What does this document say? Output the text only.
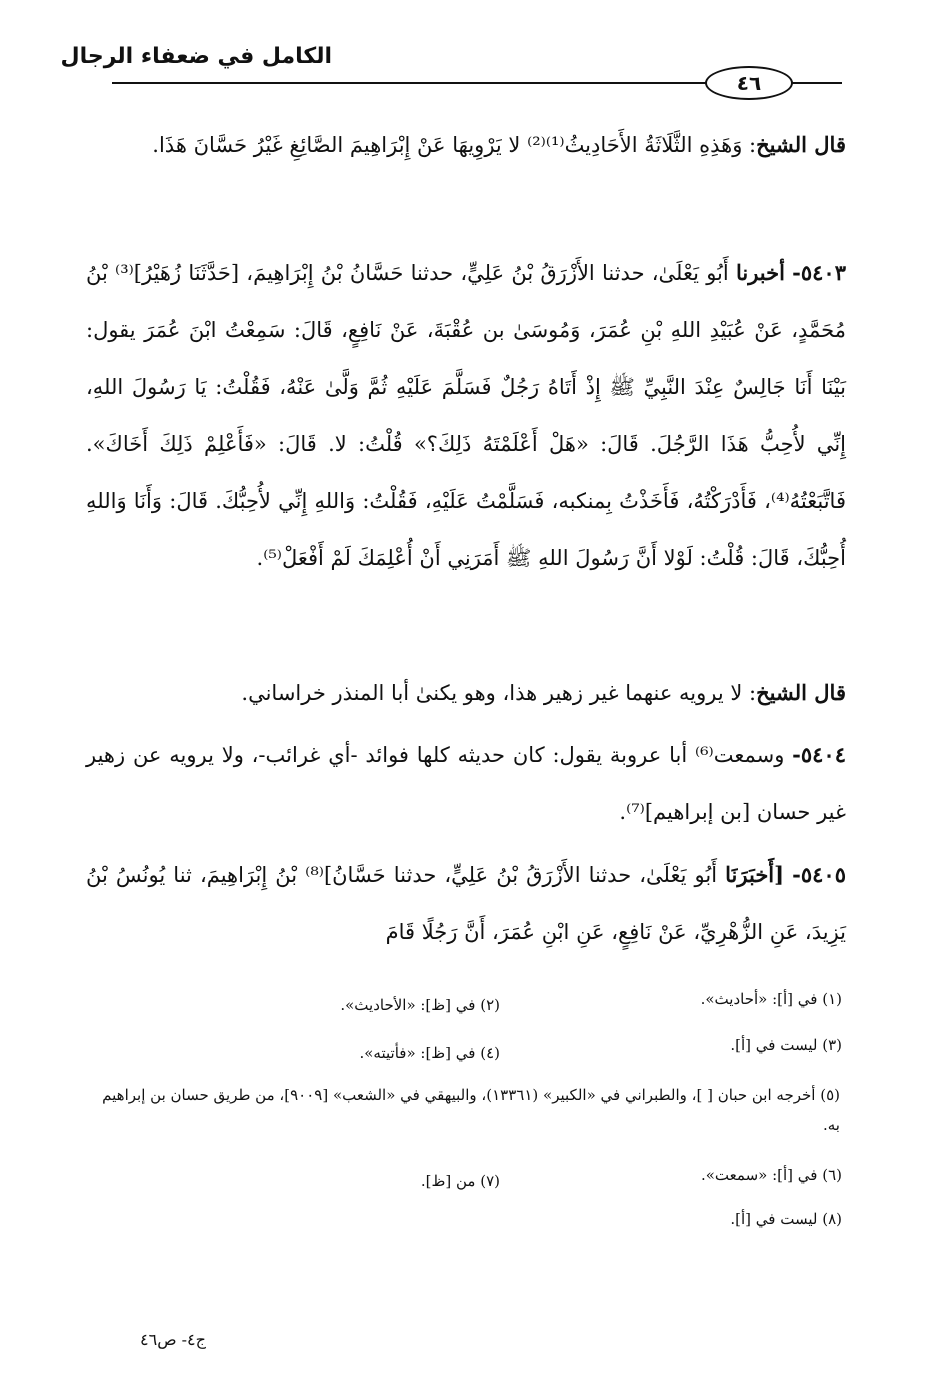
الكامل في ضعفاء الرجال
٤٦

قال الشيخ: وَهَذِهِ الثَّلَاثَةُ الأَحَادِيثُ⁽¹⁾⁽²⁾ لا يَرْوِيهَا عَنْ إِبْرَاهِيمَ الصَّائِغِ غَيْرُ حَسَّانَ هَذَا.

٥٤٠٣- أخبرنا أَبُو يَعْلَىٰ، حدثنا الأَزْرَقُ بْنُ عَلِيٍّ، حدثنا حَسَّانُ بْنُ إِبْرَاهِيمَ، [حَدَّثَنَا زُهَيْرُ]⁽³⁾ بْنُ مُحَمَّدٍ، عَنْ عُبَيْدِ اللهِ بْنِ عُمَرَ، وَمُوسَىٰ بن عُقْبَةَ، عَنْ نَافِعٍ، قَالَ: سَمِعْتُ ابْنَ عُمَرَ يقول: بَيْنَا أَنَا جَالِسٌ عِنْدَ النَّبِيِّ ﷺ إِذْ أَتَاهُ رَجُلٌ فَسَلَّمَ عَلَيْهِ ثُمَّ وَلَّىٰ عَنْهُ، فَقُلْتُ: يَا رَسُولَ اللهِ، إِنِّي لأُحِبُّ هَذَا الرَّجُلَ. قَالَ: «هَلْ أَعْلَمْتَهُ ذَلِكَ؟» قُلْتُ: لا. قَالَ: «فَأَعْلِمْ ذَلِكَ أَخَاكَ». فَاتَّبَعْتُهُ⁽⁴⁾، فَأَدْرَكْتُهُ، فَأَخَذْتُ بِمنكبه، فَسَلَّمْتُ عَلَيْهِ، فَقُلْتُ: وَاللهِ إِنِّي لأُحِبُّكَ. قَالَ: وَأَنَا وَاللهِ أُحِبُّكَ، قَالَ: قُلْتُ: لَوْلا أَنَّ رَسُولَ اللهِ ﷺ أَمَرَنِي أَنْ أُعْلِمَكَ لَمْ أَفْعَلْ⁽⁵⁾.

قال الشيخ: لا يرويه عنهما غير زهير هذا، وهو يكنىٰ أبا المنذر خراساني.

٥٤٠٤- وسمعت⁽⁶⁾ أبا عروبة يقول: كان حديثه كلها فوائد -أي غرائب-، ولا يرويه عن زهير غير حسان [بن إبراهيم]⁽⁷⁾.

٥٤٠٥- [أَخبَرَنَا أَبُو يَعْلَىٰ، حدثنا الأَزْرَقُ بْنُ عَلِيٍّ، حدثنا حَسَّانُ]⁽⁸⁾ بْنُ إِبْرَاهِيمَ، ثنا يُونُسُ بْنُ يَزِيدَ، عَنِ الزُّهْرِيِّ، عَنْ نَافِعٍ، عَنِ ابْنِ عُمَرَ، أَنَّ رَجُلًا قَامَ

(١) في [أ]: «أحاديث».
(٢) في [ظ]: «الأحاديث».
(٣) ليست في [أ].
(٤) في [ظ]: «فأتيته».
(٥) أخرجه ابن حبان [ ]، والطبراني في «الكبير» (١٣٣٦١)، والبيهقي في «الشعب» [٩٠٠٩]، من طريق حسان بن إبراهيم به.
(٦) في [أ]: «سمعت».
(٧) من [ظ].
(٨) ليست في [أ].
ج٤- ص٤٦
